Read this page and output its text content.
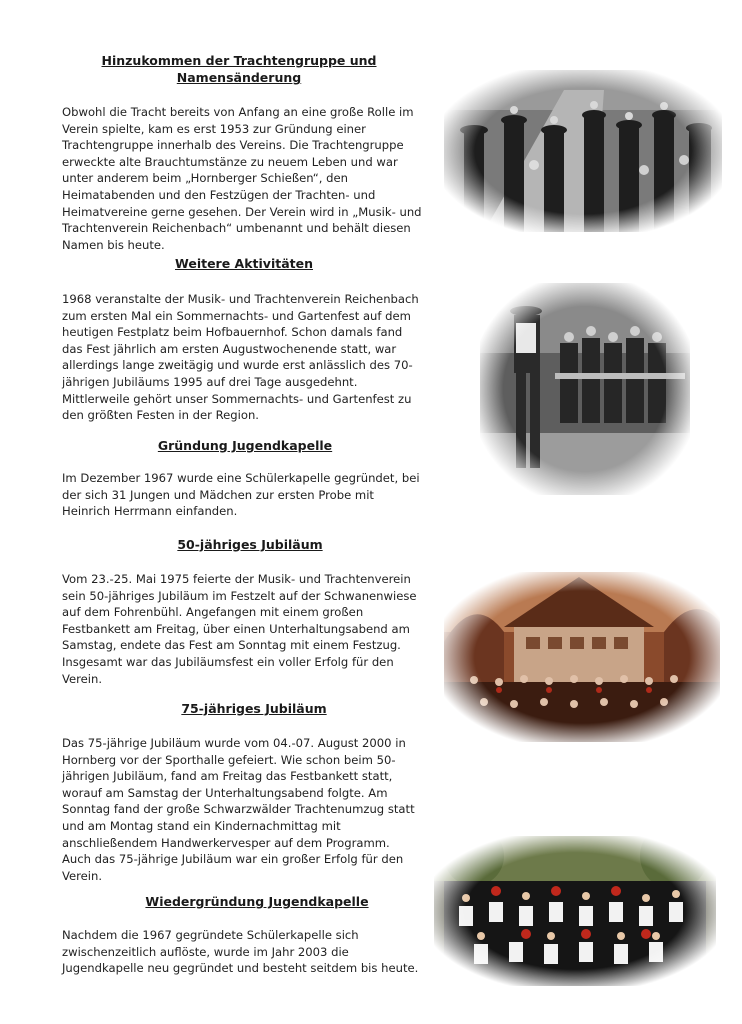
Hinzukommen der Trachtengruppe und
Namensänderung

Obwohl die Tracht bereits von Anfang an eine große Rolle im Verein spielte, kam es erst 1953 zur Gründung einer Trachtengruppe innerhalb des Vereins. Die Trachtengruppe erweckte alte Brauchtumstänze zu neuem Leben und war unter anderem beim „Hornberger Schießen“, den Heimatabenden und den Festzügen der Trachten- und Heimatvereine gerne gesehen. Der Verein wird in „Musik- und Trachtenverein Reichenbach“ umbenannt und behält diesen Namen bis heute.

Weitere Aktivitäten

1968 veranstalte der Musik- und Trachtenverein Reichenbach zum ersten Mal ein Sommernachts- und Gartenfest auf dem heutigen Festplatz beim Hofbauernhof. Schon damals fand das Fest jährlich am ersten Augustwochenende statt, war allerdings lange zweitägig und wurde erst anlässlich des 70-jährigen Jubiläums 1995 auf drei Tage ausgedehnt. Mittlerweile gehört unser Sommernachts- und Gartenfest zu den größten Festen in der Region.

Gründung Jugendkapelle

Im Dezember 1967 wurde eine Schülerkapelle gegründet, bei der sich 31 Jungen und Mädchen zur ersten Probe mit Heinrich Herrmann einfanden.

50-jähriges Jubiläum

Vom 23.-25. Mai 1975 feierte der Musik- und Trachtenverein sein 50-jähriges Jubiläum im Festzelt auf der Schwanenwiese auf dem Fohrenbühl. Angefangen mit einem großen Festbankett am Freitag, über einen Unterhaltungsabend am Samstag, endete das Fest am Sonntag mit einem Festzug. Insgesamt war das Jubiläumsfest ein voller Erfolg für den Verein.

75-jähriges Jubiläum

Das 75-jährige Jubiläum wurde vom 04.-07. August 2000 in Hornberg vor der Sporthalle gefeiert. Wie schon beim 50-jährigen Jubiläum, fand am Freitag das Festbankett statt, worauf am Samstag der Unterhaltungsabend folgte. Am Sonntag fand der große Schwarzwälder Trachtenumzug statt und am Montag stand ein Kindernachmittag mit anschließendem Handwerkervesper auf dem Programm. Auch das 75-jährige Jubiläum war ein großer Erfolg für den Verein.

Wiedergründung Jugendkapelle

Nachdem die 1967 gegründete Schülerkapelle sich zwischenzeitlich auflöste, wurde im Jahr 2003 die Jugendkapelle neu gegründet und besteht seitdem bis heute.
